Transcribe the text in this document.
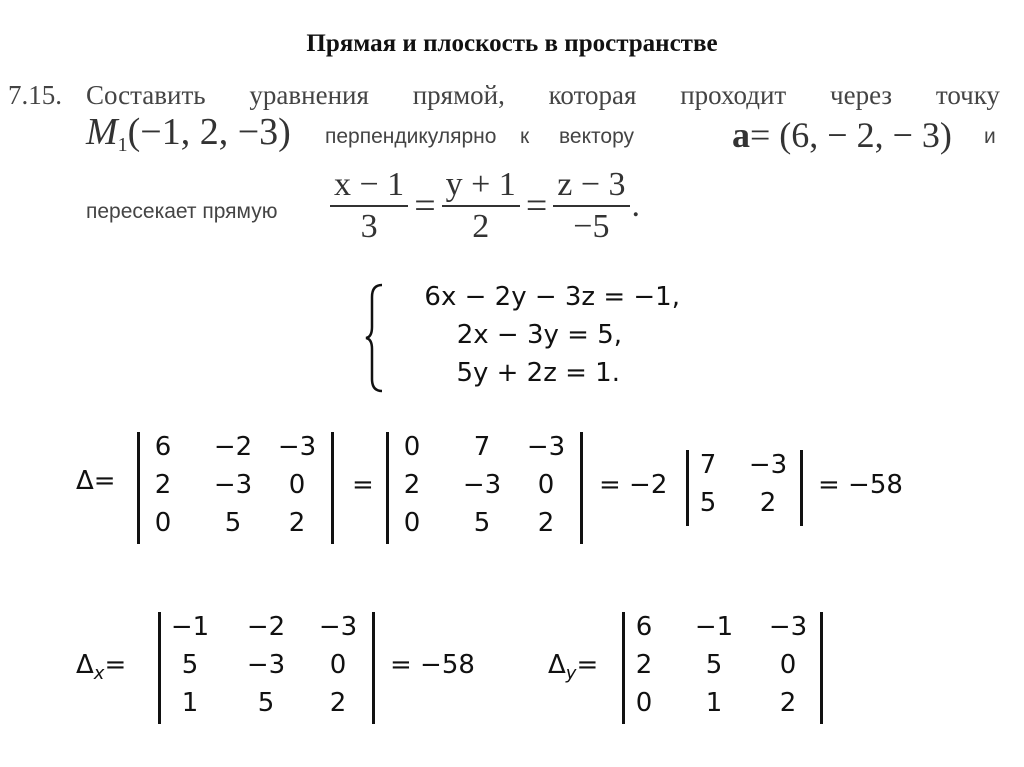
Прямая и плоскость в пространстве
7.15. Составить уравнения прямой, которая проходит через точку
$M_1(-1$, 2, −3) перпендикулярно к вектору	a= (6, − 2, − 3) и
пересекает прямую $\frac{x - 1}{3} = \frac{y + 1}{2} = \frac{z - 3}{-5}$ .
6x − 2y − 3z = −1,
2x − 3y = 5,
5y + 2z = 1.
Δ=
6	−2 −3
2	−3	0
0	5	2
=
0	7	−3
2	−3	0
0	5	2
= −2
7	−3
5	2
= −58
$\Delta_x=$
−1 −2 −3
5	−3	0
1	5	2
= −58	$\Delta_y=$
6	−1 −3
2	5	0
0	1	2
